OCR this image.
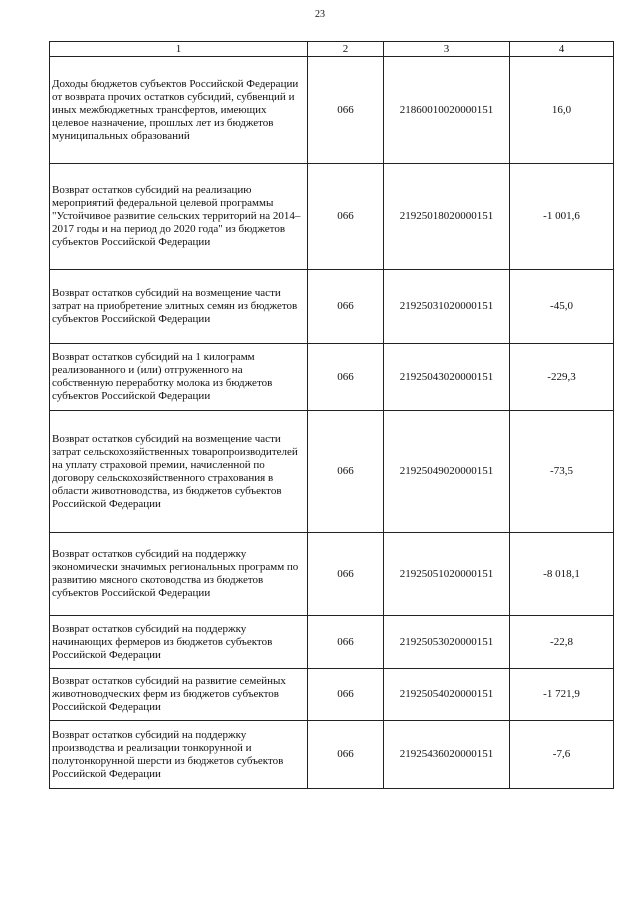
23
1	2	3	4
Доходы бюджетов субъектов Российской Федерации от возврата прочих остатков субсидий, субвенций и иных межбюджетных трансфертов, имеющих целевое назначение, прошлых лет из бюджетов муниципальных образований	066	21860010020000151	16,0
Возврат остатков субсидий на реализацию мероприятий федеральной целевой программы "Устойчивое развитие сельских территорий на 2014–2017 годы и на период до 2020 года" из бюджетов субъектов Российской Федерации	066	21925018020000151	-1 001,6
Возврат остатков субсидий на возмещение части затрат на приобретение элитных семян из бюджетов субъектов Российской Федерации	066	21925031020000151	-45,0
Возврат остатков субсидий на 1 килограмм реализованного и (или) отгруженного на собственную переработку молока из бюджетов субъектов Российской Федерации	066	21925043020000151	-229,3
Возврат остатков субсидий на возмещение части затрат сельскохозяйственных товаропроизводителей на уплату страховой премии, начисленной по договору сельскохозяйственного страхования в области животноводства, из бюджетов субъектов Российской Федерации	066	21925049020000151	-73,5
Возврат остатков субсидий на поддержку экономически значимых региональных программ по развитию мясного скотоводства из бюджетов субъектов Российской Федерации	066	21925051020000151	-8 018,1
Возврат остатков субсидий на поддержку начинающих фермеров из бюджетов субъектов Российской Федерации	066	21925053020000151	-22,8
Возврат остатков субсидий на развитие семейных животноводческих ферм из бюджетов субъектов Российской Федерации	066	21925054020000151	-1 721,9
Возврат остатков субсидий на поддержку производства и реализации тонкорунной и полутонкорунной шерсти из бюджетов субъектов Российской Федерации	066	21925436020000151	-7,6
